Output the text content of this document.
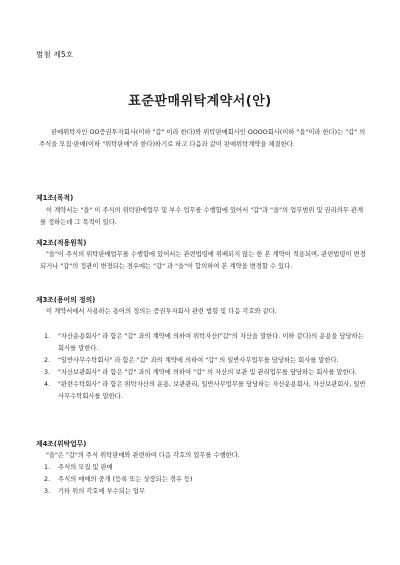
별첨 제5호
표준판매위탁계약서(안)

판매위탁자인 OO증권투자회사(이하 "갑" 이라 한다)와 위탁판매회사인 OOOO회사(이하 "을"이라 한다)는 "갑" 의 주식을 모집·판매(이하 "위탁판매"라 한다)하기로 하고 다음과 같이 판매위탁계약을 체결한다.

제1조(목적)

이 계약서는 "을" 이 주식의 위탁판매업무 및 부수 업무를 수행함에 있어서 "갑"과 "을"의 업무범위 및 권리의무 관계를 정하는데 그 목적이 있다.

제2조(적용원칙)

"을"이 주식의 위탁판매업무를 수행함에 있어서는 관련법령에 위배되지 않는 한 본 계약이 적용되며, 관련법령이 변경되거나 "갑"의 정관이 변경되는 경우에는 "갑" 과 "을"이 합의하여 본 계약을 변경할 수 있다.

제3조(용어의 정의)

이 계약서에서 사용하는 용어의 정의는 증권투자회사 관련 법령 및 다음 각호와 같다.

1. "자산운용회사" 라 함은 "갑" 과의 계약에 의하여 위탁자산("갑"의 자산을 말한다. 이하 같다)의 운용을 담당하는 회사를 말한다.
2. "일반사무수탁회사" 라 함은 "갑" 과의 계약에 의하여 "갑" 의 일반사무업무를 담당하는 회사를 말한다.
3. "자산보관회사" 라 함은 "갑" 과의 계약에 의하여 "갑" 의 자산의 보관 및 관리업무를 담당하는 회사를 말한다.
4. "관련수탁회사" 라 함은 위탁자산의 운용, 보관관리, 일반사무업무를 담당하는 자산운용회사, 자산보관회사, 일반사무수탁회사를 말한다.
제4조(위탁업무)

"을"은 "갑"의 주식 위탁판매와 관련하여 다음 각호의 업무를 수행한다.

1. 주식의 모집 및 판매
2. 주식의 매매의 중개 (등록 또는 상장되는 경우 등)
3. 기타 위의 각호에 부수되는 업무
